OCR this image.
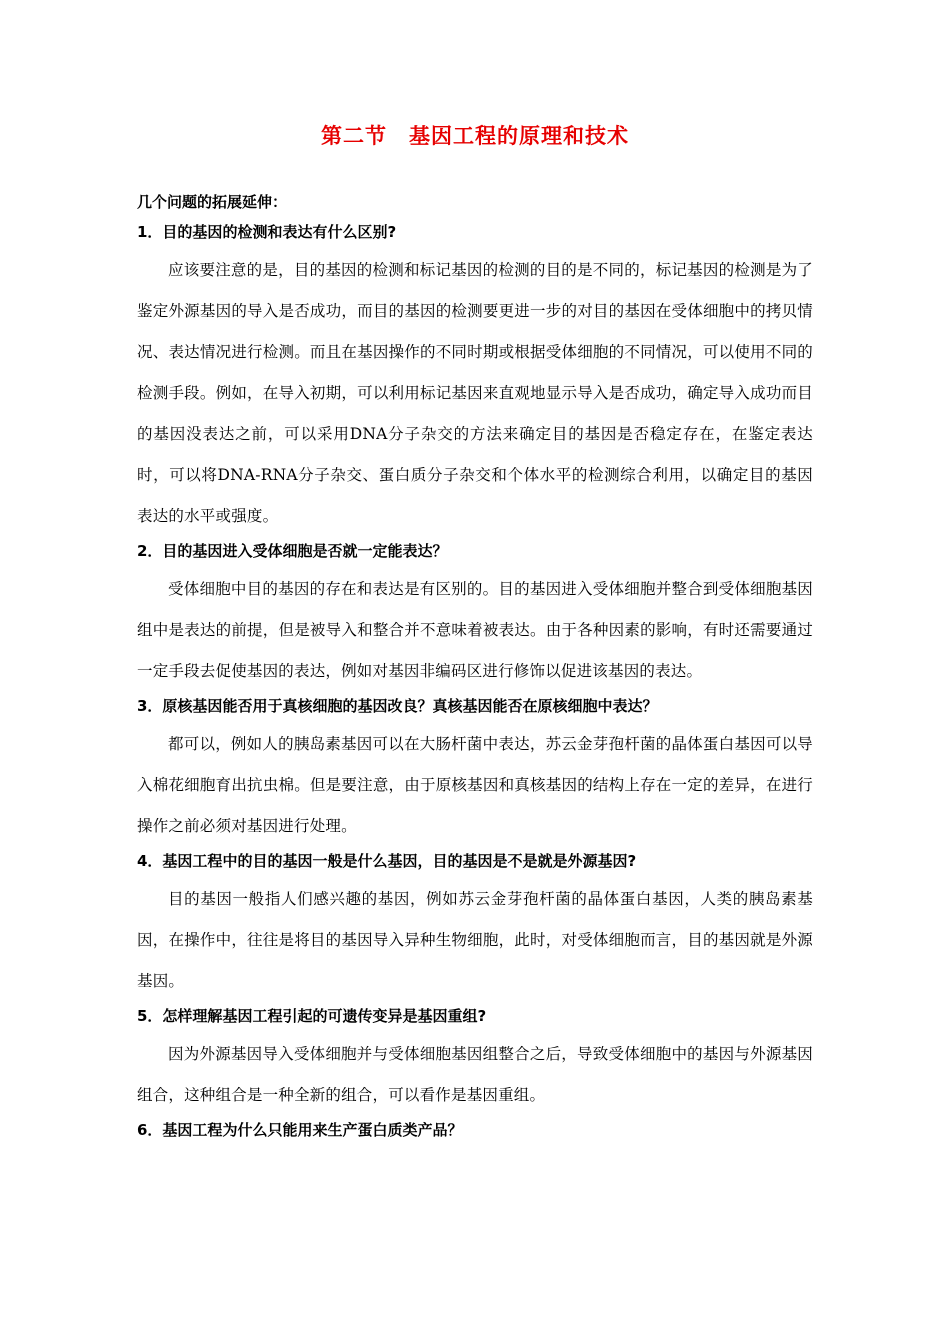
第二节　基因工程的原理和技术
几个问题的拓展延伸：
1．目的基因的检测和表达有什么区别?

应该要注意的是，目的基因的检测和标记基因的检测的目的是不同的，标记基因的检测是为了鉴定外源基因的导入是否成功，而目的基因的检测要更进一步的对目的基因在受体细胞中的拷贝情况、表达情况进行检测。而且在基因操作的不同时期或根据受体细胞的不同情况，可以使用不同的检测手段。例如，在导入初期，可以利用标记基因来直观地显示导入是否成功，确定导入成功而目的基因没表达之前，可以采用DNA分子杂交的方法来确定目的基因是否稳定存在，在鉴定表达时，可以将DNA-RNA分子杂交、蛋白质分子杂交和个体水平的检测综合利用，以确定目的基因表达的水平或强度。

2．目的基因进入受体细胞是否就一定能表达？

受体细胞中目的基因的存在和表达是有区别的。目的基因进入受体细胞并整合到受体细胞基因组中是表达的前提，但是被导入和整合并不意味着被表达。由于各种因素的影响，有时还需要通过一定手段去促使基因的表达，例如对基因非编码区进行修饰以促进该基因的表达。

3．原核基因能否用于真核细胞的基因改良？真核基因能否在原核细胞中表达？

都可以，例如人的胰岛素基因可以在大肠杆菌中表达，苏云金芽孢杆菌的晶体蛋白基因可以导入棉花细胞育出抗虫棉。但是要注意，由于原核基因和真核基因的结构上存在一定的差异，在进行操作之前必须对基因进行处理。

4．基因工程中的目的基因一般是什么基因，目的基因是不是就是外源基因?

目的基因一般指人们感兴趣的基因，例如苏云金芽孢杆菌的晶体蛋白基因，人类的胰岛素基因，在操作中，往往是将目的基因导入异种生物细胞，此时，对受体细胞而言，目的基因就是外源基因。

5．怎样理解基因工程引起的可遗传变异是基因重组?

因为外源基因导入受体细胞并与受体细胞基因组整合之后，导致受体细胞中的基因与外源基因组合，这种组合是一种全新的组合，可以看作是基因重组。

6．基因工程为什么只能用来生产蛋白质类产品？
